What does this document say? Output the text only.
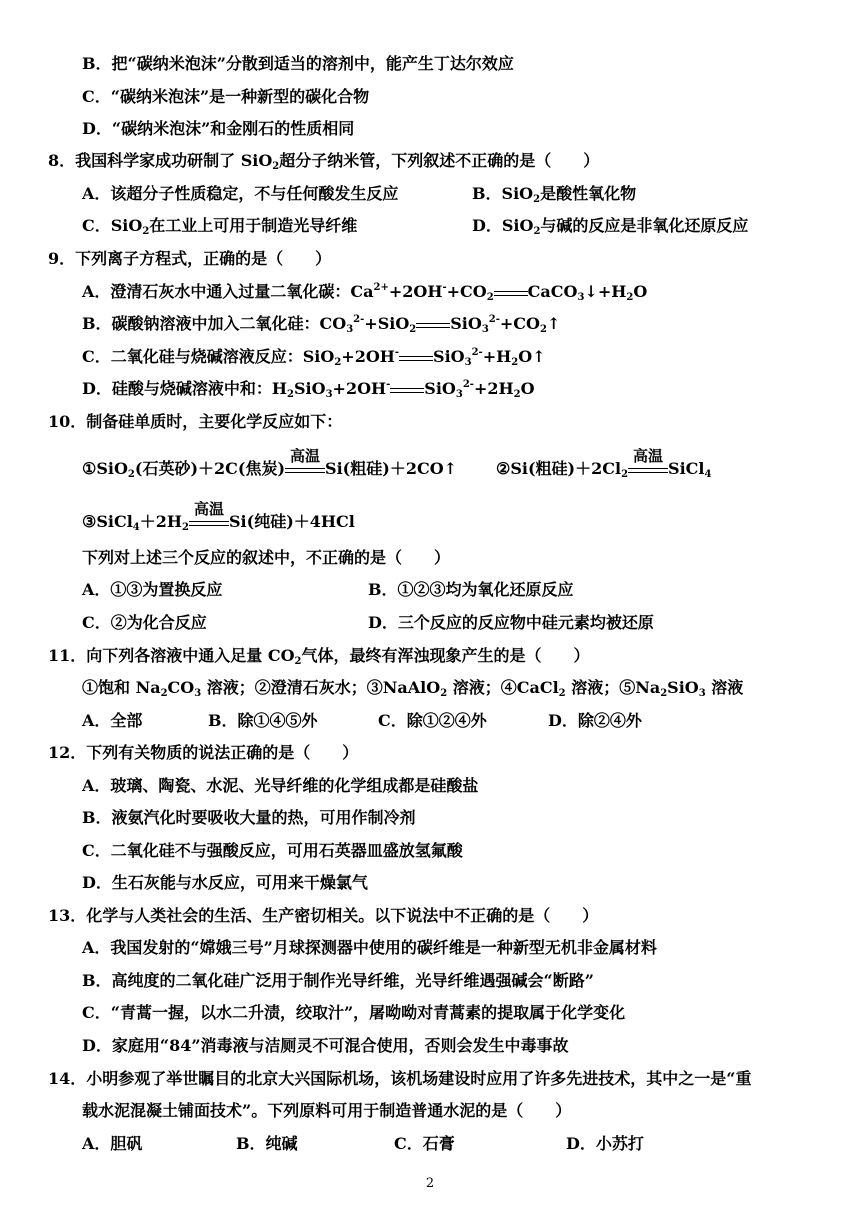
B．把“碳纳米泡沫”分散到适当的溶剂中，能产生丁达尔效应
C．“碳纳米泡沫”是一种新型的碳化合物
D．“碳纳米泡沫”和金刚石的性质相同
8．我国科学家成功研制了 SiO$_2$超分子纳米管，下列叙述不正确的是（　　）
A．该超分子性质稳定，不与任何酸发生反应	B．SiO$_2$是酸性氧化物
C．SiO$_2$在工业上可用于制造光导纤维	D．SiO$_2$与碱的反应是非氧化还原反应
9．下列离子方程式，正确的是（　　）
A．澄清石灰水中通入过量二氧化碳：$Ca^{2+}+2OH^-+CO_2$ $CaCO_3↓+H_2O$
B．碳酸钠溶液中加入二氧化硅：$CO_3^{2-}+SiO_2$ $SiO_3^{2-}+CO_2↑$
C．二氧化硅与烧碱溶液反应：SiO$_2$+2OH- $SiO_3^{2-}+H_2O↑$
D．硅酸与烧碱溶液中和：$H_2SiO_3+2OH^-$ $SiO_3^{2-}+2H_2O$
10．制备硅单质时，主要化学反应如下：
①SiO$_2$(石英砂)＋2C(焦炭)
高温
Si(粗硅)＋2CO↑ ②Si(粗硅)$+2Cl_2$
高温
SiCl$_4$
$③SiCl_4+2H_2$
高温
Si(纯硅)＋4HCl
下列对上述三个反应的叙述中，不正确的是（　　）
A．①③为置换反应	B．①②③均为氧化还原反应
C．②为化合反应	D．三个反应的反应物中硅元素均被还原
11．向下列各溶液中通入足量 $CO_2$气体，最终有浑浊现象产生的是（　　）
①饱和 $Na_2CO_3$ 溶液；②澄清石灰水；③NaAlO$_2$ 溶液；④CaCl$_2$ 溶液；$⑤Na_2SiO_3$ 溶液
A．全部	B．除①④⑤外	C．除①②④外	D．除②④外
12．下列有关物质的说法正确的是（　　）
A．玻璃、陶瓷、水泥、光导纤维的化学组成都是硅酸盐
B．液氨汽化时要吸收大量的热，可用作制冷剂
C．二氧化硅不与强酸反应，可用石英器皿盛放氢氟酸
D．生石灰能与水反应，可用来干燥氯气
13．化学与人类社会的生活、生产密切相关。以下说法中不正确的是（　　）
A．我国发射的“嫦娥三号”月球探测器中使用的碳纤维是一种新型无机非金属材料
B．高纯度的二氧化硅广泛用于制作光导纤维，光导纤维遇强碱会“断路”
C．“青蒿一握，以水二升渍，绞取汁”，屠呦呦对青蒿素的提取属于化学变化
D．家庭用“84”消毒液与洁厕灵不可混合使用，否则会发生中毒事故
14．小明参观了举世瞩目的北京大兴国际机场，该机场建设时应用了许多先进技术，其中之一是“重
载水泥混凝土铺面技术”。下列原料可用于制造普通水泥的是（　　）
A．胆矾	B．纯碱	C．石膏	D．小苏打
2
